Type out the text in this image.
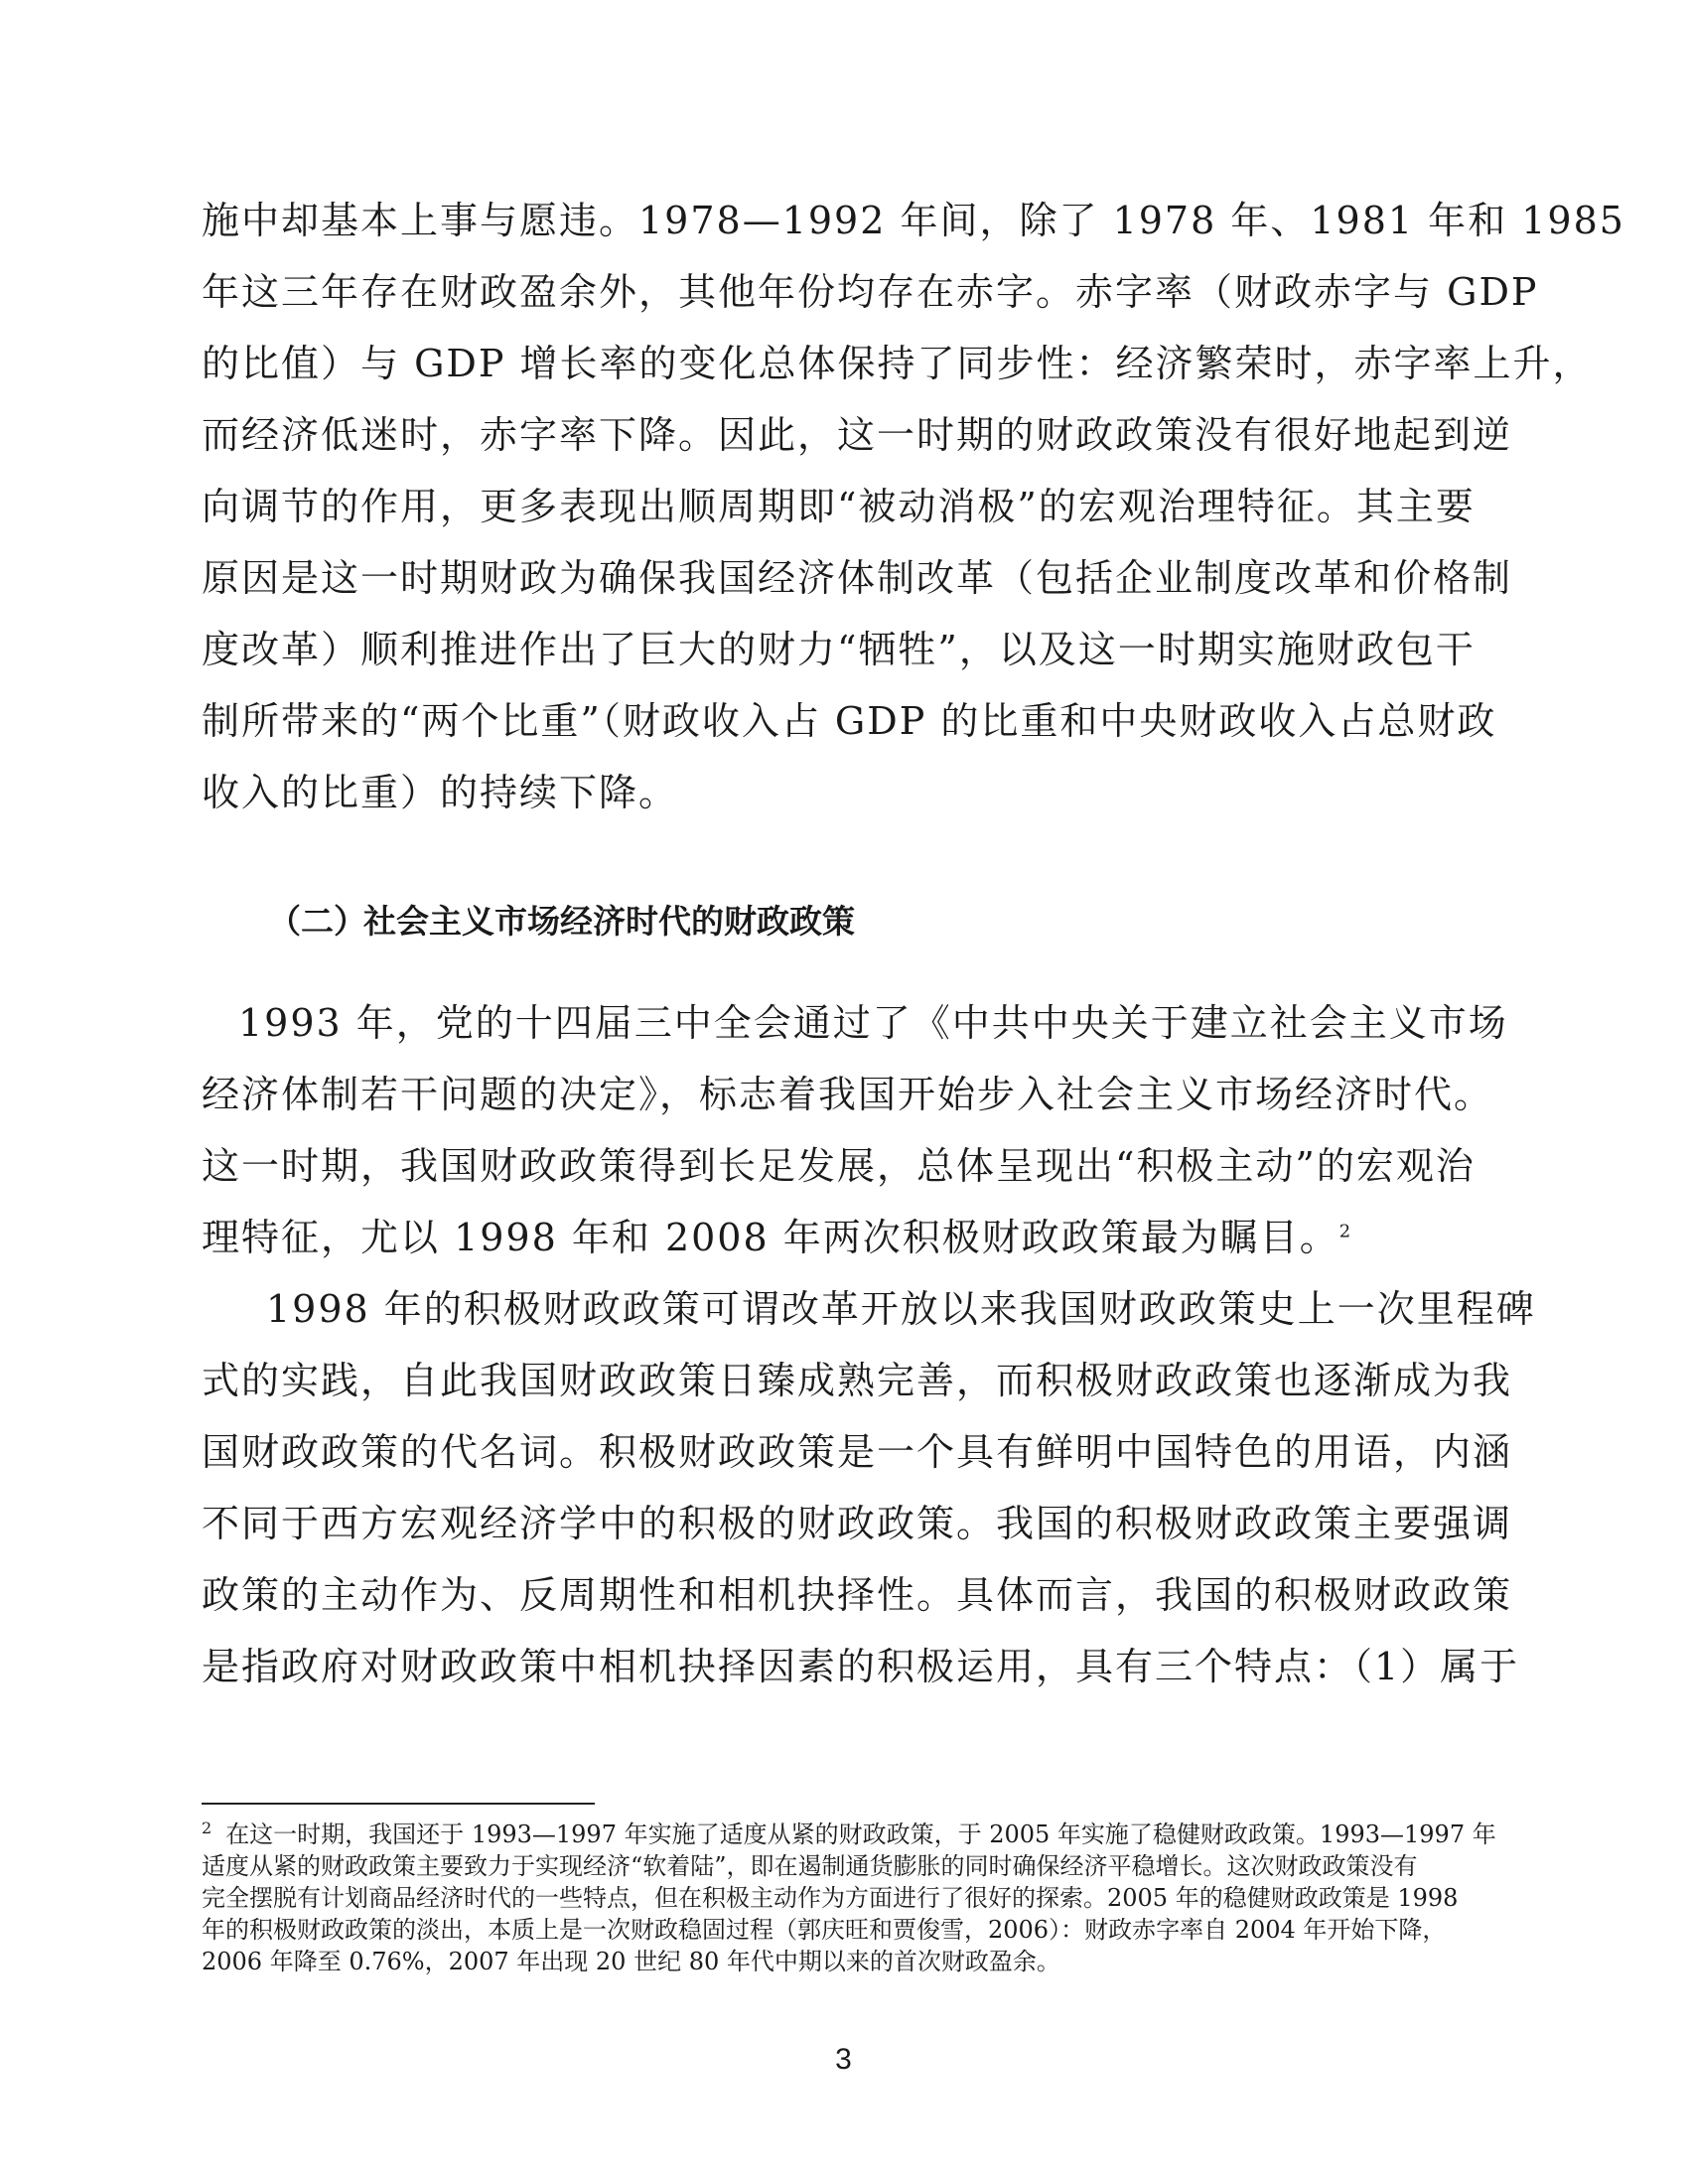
施中却基本上事与愿违。1978—1992 年间，除了 1978 年、1981 年和 1985
年这三年存在财政盈余外，其他年份均存在赤字。赤字率（财政赤字与 GDP
的比值）与 GDP 增长率的变化总体保持了同步性：经济繁荣时，赤字率上升，
而经济低迷时，赤字率下降。因此，这一时期的财政政策没有很好地起到逆
向调节的作用，更多表现出顺周期即“被动消极”的宏观治理特征。其主要
原因是这一时期财政为确保我国经济体制改革（包括企业制度改革和价格制
度改革）顺利推进作出了巨大的财力“牺牲”，以及这一时期实施财政包干
制所带来的“两个比重”（财政收入占 GDP 的比重和中央财政收入占总财政
收入的比重）的持续下降。
（二）社会主义市场经济时代的财政政策
1993 年，党的十四届三中全会通过了《中共中央关于建立社会主义市场
经济体制若干问题的决定》，标志着我国开始步入社会主义市场经济时代。
这一时期，我国财政政策得到长足发展，总体呈现出“积极主动”的宏观治
理特征，尤以 1998 年和 2008 年两次积极财政政策最为瞩目。$^2$
1998 年的积极财政政策可谓改革开放以来我国财政政策史上一次里程碑
式的实践，自此我国财政政策日臻成熟完善，而积极财政政策也逐渐成为我
国财政政策的代名词。积极财政政策是一个具有鲜明中国特色的用语，内涵
不同于西方宏观经济学中的积极的财政政策。我国的积极财政政策主要强调
政策的主动作为、反周期性和相机抉择性。具体而言，我国的积极财政政策
是指政府对财政政策中相机抉择因素的积极运用，具有三个特点：（1）属于
$^2$ 在这一时期，我国还于 1993—1997 年实施了适度从紧的财政政策，于 2005 年实施了稳健财政政策。1993—1997 年
适度从紧的财政政策主要致力于实现经济“软着陆”，即在遏制通货膨胀的同时确保经济平稳增长。这次财政政策没有
完全摆脱有计划商品经济时代的一些特点，但在积极主动作为方面进行了很好的探索。2005 年的稳健财政政策是 1998
年的积极财政政策的淡出，本质上是一次财政稳固过程（郭庆旺和贾俊雪，2006）：财政赤字率自 2004 年开始下降，
2006 年降至 0.76%，2007 年出现 20 世纪 80 年代中期以来的首次财政盈余。
3
